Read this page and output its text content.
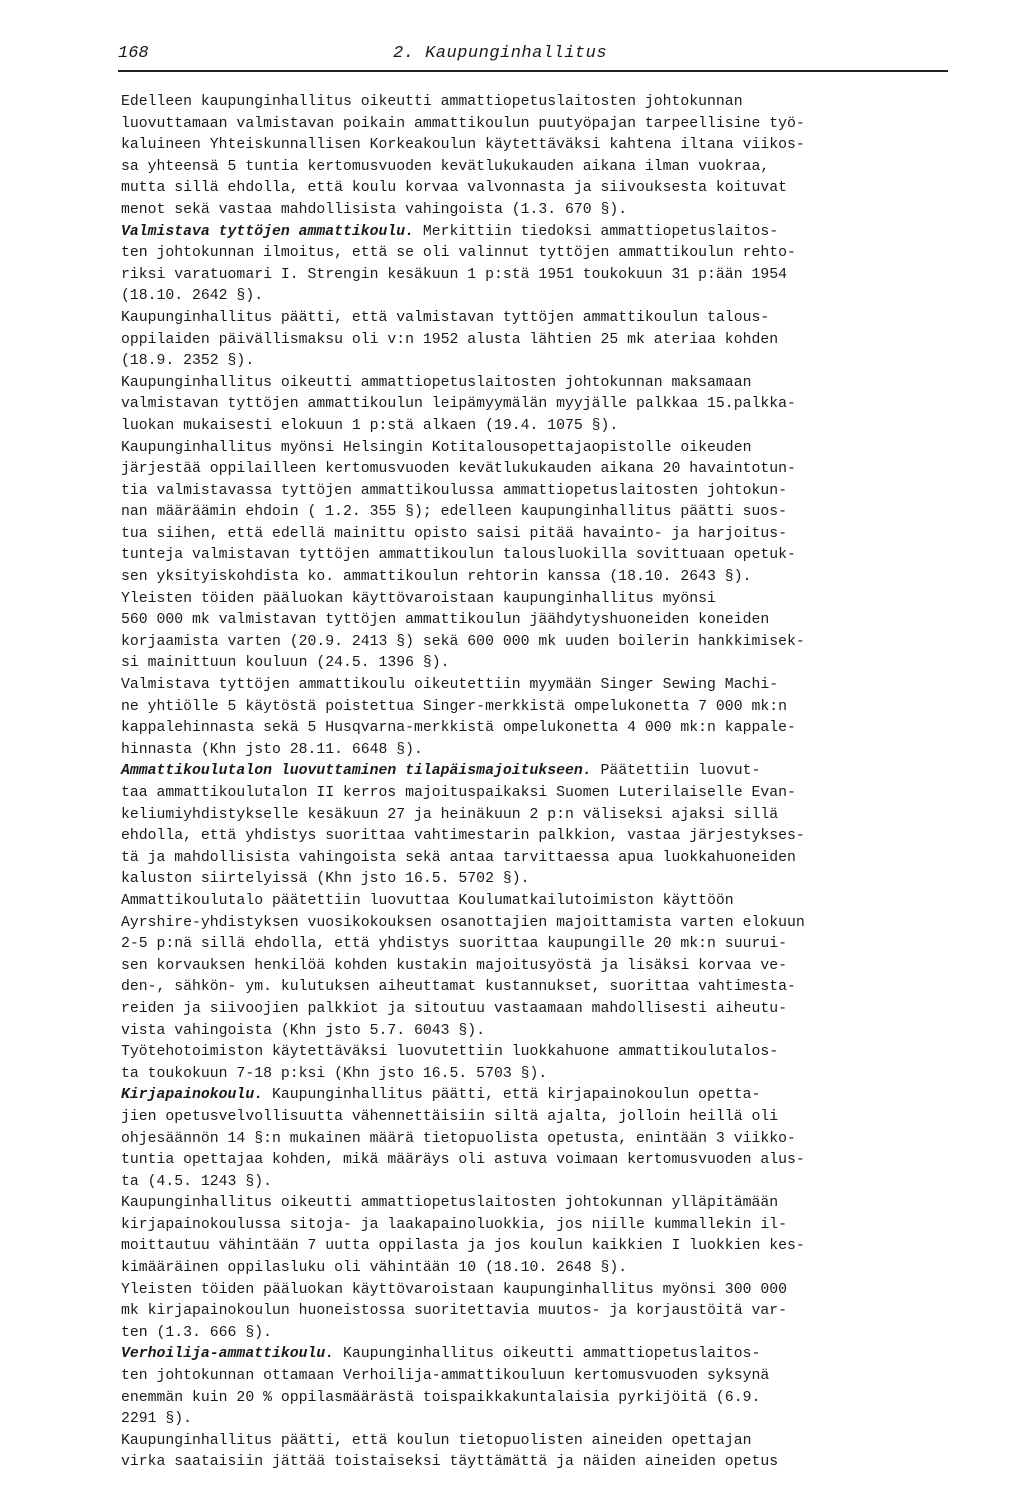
168	2. Kaupunginhallitus
Edelleen kaupunginhallitus oikeutti ammattiopetuslaitosten johtokunnan
luovuttamaan valmistavan poikain ammattikoulun puutyöpajan tarpeellisine työ-
kaluineen Yhteiskunnallisen Korkeakoulun käytettäväksi kahtena iltana viikos-
sa yhteensä 5 tuntia kertomusvuoden kevätlukukauden aikana ilman vuokraa,
mutta sillä ehdolla, että koulu korvaa valvonnasta ja siivouksesta koituvat
menot sekä vastaa mahdollisista vahingoista (1.3. 670 §).
Valmistava tyttöjen ammattikoulu. Merkittiin tiedoksi ammattiopetuslaitos-
ten johtokunnan ilmoitus, että se oli valinnut tyttöjen ammattikoulun rehto-
riksi varatuomari I. Strengin kesäkuun 1 p:stä 1951 toukokuun 31 p:ään 1954
(18.10. 2642 §).
Kaupunginhallitus päätti, että valmistavan tyttöjen ammattikoulun talous-
oppilaiden päivällismaksu oli v:n 1952 alusta lähtien 25 mk ateriaa kohden
(18.9. 2352 §).
Kaupunginhallitus oikeutti ammattiopetuslaitosten johtokunnan maksamaan
valmistavan tyttöjen ammattikoulun leipämyymälän myyjälle palkkaa 15.palkka-
luokan mukaisesti elokuun 1 p:stä alkaen (19.4. 1075 §).
Kaupunginhallitus myönsi Helsingin Kotitalousopettajaopistolle oikeuden
järjestää oppilailleen kertomusvuoden kevätlukukauden aikana 20 havaintotun-
tia valmistavassa tyttöjen ammattikoulussa ammattiopetuslaitosten johtokun-
nan määräämin ehdoin ( 1.2. 355 §); edelleen kaupunginhallitus päätti suos-
tua siihen, että edellä mainittu opisto saisi pitää havainto- ja harjoitus-
tunteja valmistavan tyttöjen ammattikoulun talousluokilla sovittuaan opetuk-
sen yksityiskohdista ko. ammattikoulun rehtorin kanssa (18.10. 2643 §).
Yleisten töiden pääluokan käyttövaroistaan kaupunginhallitus myönsi
560 000 mk valmistavan tyttöjen ammattikoulun jäähdytyshuoneiden koneiden
korjaamista varten (20.9. 2413 §) sekä 600 000 mk uuden boilerin hankkimisek-
si mainittuun kouluun (24.5. 1396 §).
Valmistava tyttöjen ammattikoulu oikeutettiin myymään Singer Sewing Machi-
ne yhtiölle 5 käytöstä poistettua Singer-merkkistä ompelukonetta 7 000 mk:n
kappalehinnasta sekä 5 Husqvarna-merkkistä ompelukonetta 4 000 mk:n kappale-
hinnasta (Khn jsto 28.11. 6648 §).
Ammattikoulutalon luovuttaminen tilapäismajoitukseen. Päätettiin luovut-
taa ammattikoulutalon II kerros majoituspaikaksi Suomen Luterilaiselle Evan-
keliumiyhdistykselle kesäkuun 27 ja heinäkuun 2 p:n väliseksi ajaksi sillä
ehdolla, että yhdistys suorittaa vahtimestarin palkkion, vastaa järjestykses-
tä ja mahdollisista vahingoista sekä antaa tarvittaessa apua luokkahuoneiden
kaluston siirtelyissä (Khn jsto 16.5. 5702 §).
Ammattikoulutalo päätettiin luovuttaa Koulumatkailutoimiston käyttöön
Ayrshire-yhdistyksen vuosikokouksen osanottajien majoittamista varten elokuun
2-5 p:nä sillä ehdolla, että yhdistys suorittaa kaupungille 20 mk:n suurui-
sen korvauksen henkilöä kohden kustakin majoitusyöstä ja lisäksi korvaa ve-
den-, sähkön- ym. kulutuksen aiheuttamat kustannukset, suorittaa vahtimesta-
reiden ja siivoojien palkkiot ja sitoutuu vastaamaan mahdollisesti aiheutu-
vista vahingoista (Khn jsto 5.7. 6043 §).
Työtehotoimiston käytettäväksi luovutettiin luokkahuone ammattikoulutalos-
ta toukokuun 7-18 p:ksi (Khn jsto 16.5. 5703 §).
Kirjapainokoulu. Kaupunginhallitus päätti, että kirjapainokoulun opetta-
jien opetusvelvollisuutta vähennettäisiin siltä ajalta, jolloin heillä oli
ohjesäännön 14 §:n mukainen määrä tietopuolista opetusta, enintään 3 viikko-
tuntia opettajaa kohden, mikä määräys oli astuva voimaan kertomusvuoden alus-
ta (4.5. 1243 §).
Kaupunginhallitus oikeutti ammattiopetuslaitosten johtokunnan ylläpitämään
kirjapainokoulussa sitoja- ja laakapainoluokkia, jos niille kummallekin il-
moittautuu vähintään 7 uutta oppilasta ja jos koulun kaikkien I luokkien kes-
kimääräinen oppilasluku oli vähintään 10 (18.10. 2648 §).
Yleisten töiden pääluokan käyttövaroistaan kaupunginhallitus myönsi 300 000
mk kirjapainokoulun huoneistossa suoritettavia muutos- ja korjaustöitä var-
ten (1.3. 666 §).
Verhoilija-ammattikoulu. Kaupunginhallitus oikeutti ammattiopetuslaitos-
ten johtokunnan ottamaan Verhoilija-ammattikouluun kertomusvuoden syksynä
enemmän kuin 20 % oppilasmäärästä toispaikkakuntalaisia pyrkijöitä (6.9.
2291 §).
Kaupunginhallitus päätti, että koulun tietopuolisten aineiden opettajan
virka saataisiin jättää toistaiseksi täyttämättä ja näiden aineiden opetus
